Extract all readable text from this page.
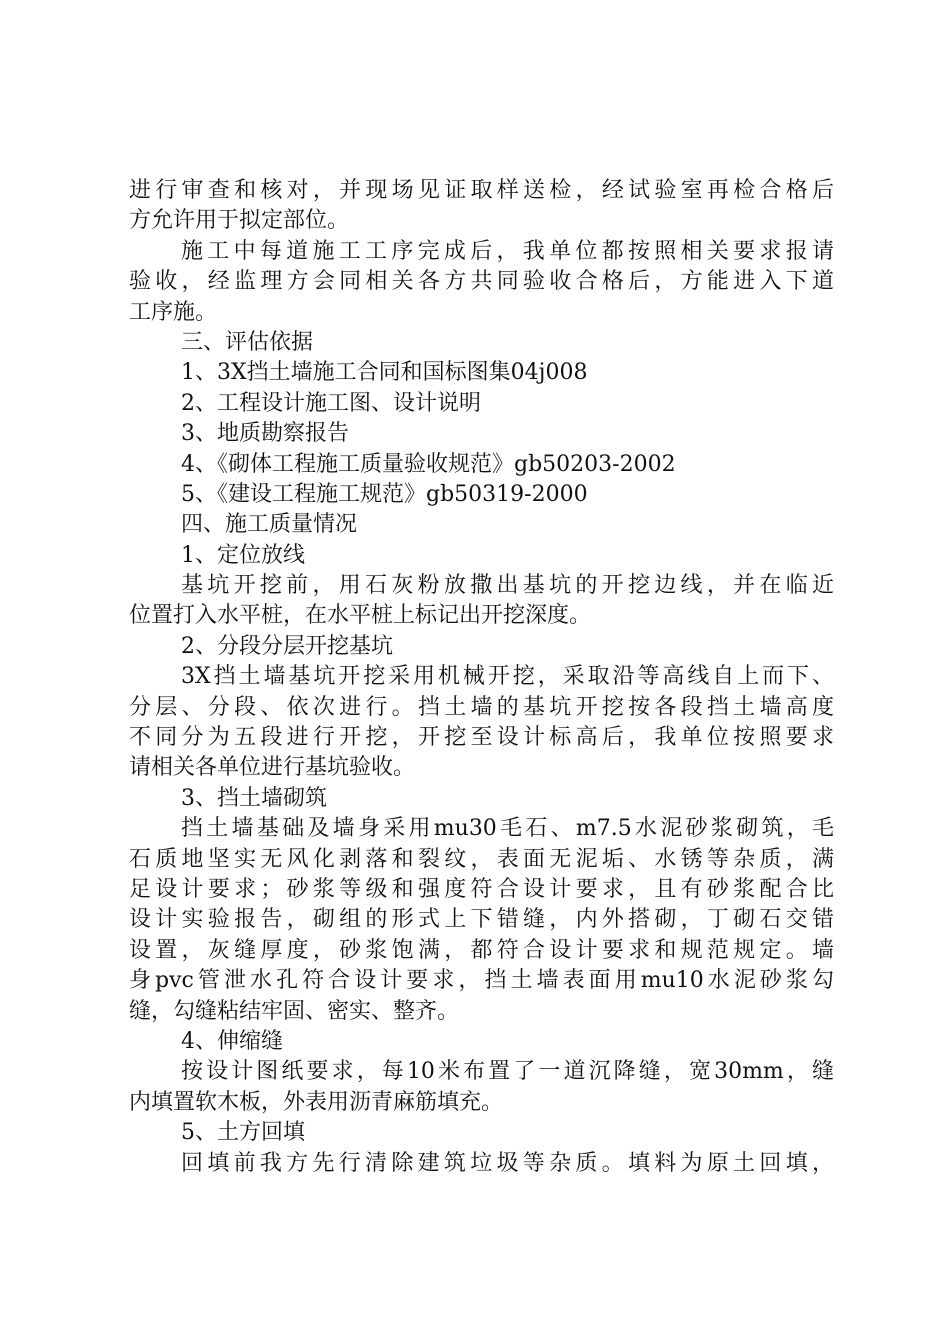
进行审查和核对，并现场见证取样送检，经试验室再检合格后
方允许用于拟定部位。
施工中每道施工工序完成后，我单位都按照相关要求报请
验收，经监理方会同相关各方共同验收合格后，方能进入下道
工序施。
三、评估依据
1、3X挡土墙施工合同和国标图集04j008
2、工程设计施工图、设计说明
3、地质勘察报告
4、《砌体工程施工质量验收规范》gb50203-2002
5、《建设工程施工规范》gb50319-2000
四、施工质量情况
1、定位放线
基坑开挖前，用石灰粉放撒出基坑的开挖边线，并在临近
位置打入水平桩，在水平桩上标记出开挖深度。
2、分段分层开挖基坑
3X挡土墙基坑开挖采用机械开挖，采取沿等高线自上而下、
分层、分段、依次进行。挡土墙的基坑开挖按各段挡土墙高度
不同分为五段进行开挖，开挖至设计标高后，我单位按照要求
请相关各单位进行基坑验收。
3、挡土墙砌筑
挡土墙基础及墙身采用mu30毛石、m7.5水泥砂浆砌筑，毛
石质地坚实无风化剥落和裂纹，表面无泥垢、水锈等杂质，满
足设计要求；砂浆等级和强度符合设计要求，且有砂浆配合比
设计实验报告，砌组的形式上下错缝，内外搭砌，丁砌石交错
设置，灰缝厚度，砂浆饱满，都符合设计要求和规范规定。墙
身pvc管泄水孔符合设计要求，挡土墙表面用mu10水泥砂浆勾
缝，勾缝粘结牢固、密实、整齐。
4、伸缩缝
按设计图纸要求，每10米布置了一道沉降缝，宽30mm，缝
内填置软木板，外表用沥青麻筋填充。
5、土方回填
回填前我方先行清除建筑垃圾等杂质。填料为原土回填，
